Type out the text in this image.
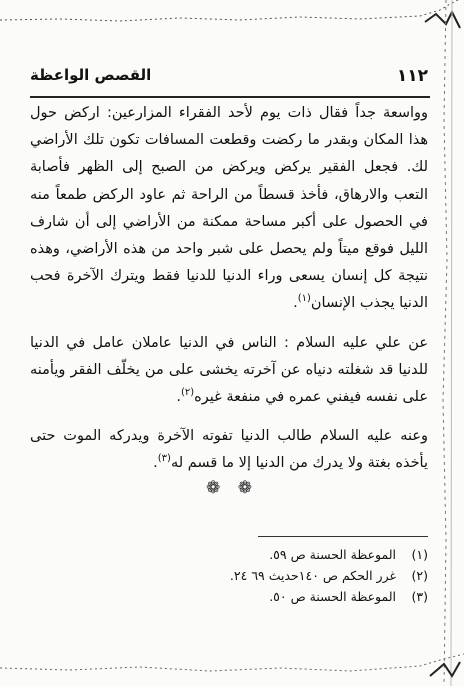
١١٢
القصص الواعظة

وواسعة جداً فقال ذات يوم لأحد الفقراء المزارعين: اركض حول هذا المكان وبقدر ما ركضت وقطعت المسافات تكون تلك الأراضي لك. فجعل الفقير يركض ويركض من الصبح إلى الظهر فأصابة التعب والارهاق، فأخذ قسطاً من الراحة ثم عاود الركض طمعاً منه في الحصول على أكبر مساحة ممكنة من الأراضي إلى أن شارف الليل فوقع ميتاً ولم يحصل على شبر واحد من هذه الأراضي، وهذه نتيجة كل إنسان يسعى وراء الدنيا للدنيا فقط ويترك الآخرة فحب الدنيا يجذب الإنسان$^{(١)}$.

عن علي عليه السلام : الناس في الدنيا عاملان عامل في الدنيا للدنيا قد شغلته دنياه عن آخرته يخشى على من يخلّف الفقر ويأمنه على نفسه فيفني عمره في منفعة غيره$^{(٢)}$.

وعنه عليه السلام طالب الدنيا تفوته الآخرة ويدركه الموت حتى يأخذه بغتة ولا يدرك من الدنيا إلا ما قسم له$^{(٣)}$.

❁ ❁

(١)الموعظة الحسنة ص ٥٩.

(٢)غرر الحكم ص ١٤٠حديث ٦٩ ٢٤.

(٣)الموعظة الحسنة ص ٥٠.
